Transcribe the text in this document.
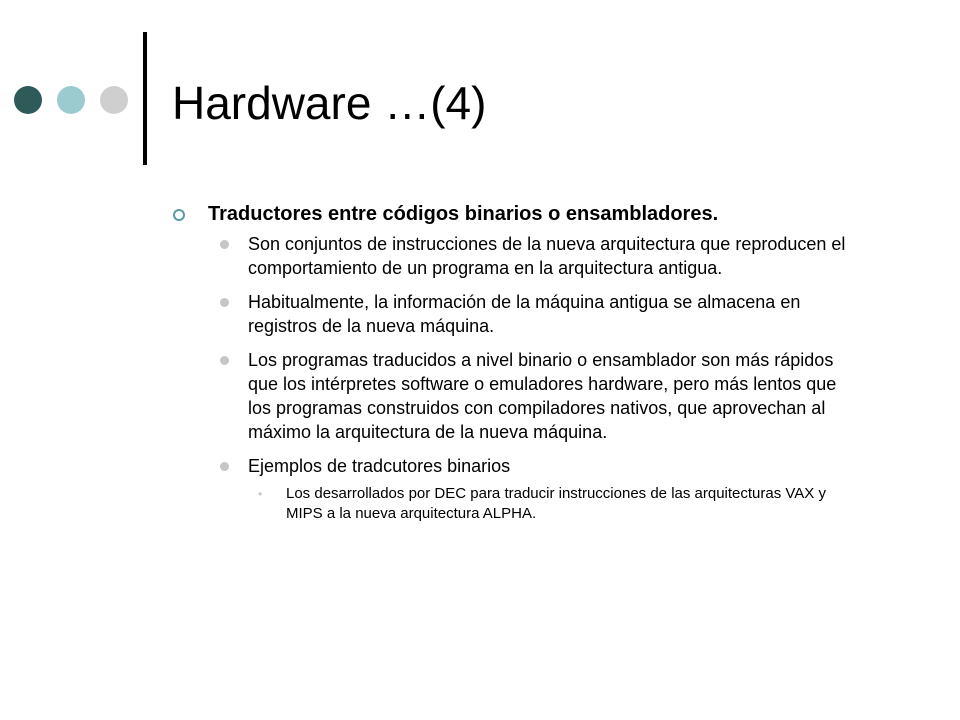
Hardware …(4)
Traductores entre códigos binarios o ensambladores.
Son conjuntos de instrucciones de la nueva arquitectura que reproducen el comportamiento de un programa en la arquitectura antigua.
Habitualmente, la información de la máquina antigua se almacena en registros de la nueva máquina.
Los programas traducidos a nivel binario o ensamblador son más rápidos que los intérpretes software o emuladores hardware, pero más lentos que los programas construidos con compiladores nativos, que aprovechan al máximo la arquitectura de la nueva máquina.
Ejemplos de tradcutores binarios
• Los desarrollados por DEC para traducir instrucciones de las arquitecturas VAX y MIPS a la nueva arquitectura ALPHA.
